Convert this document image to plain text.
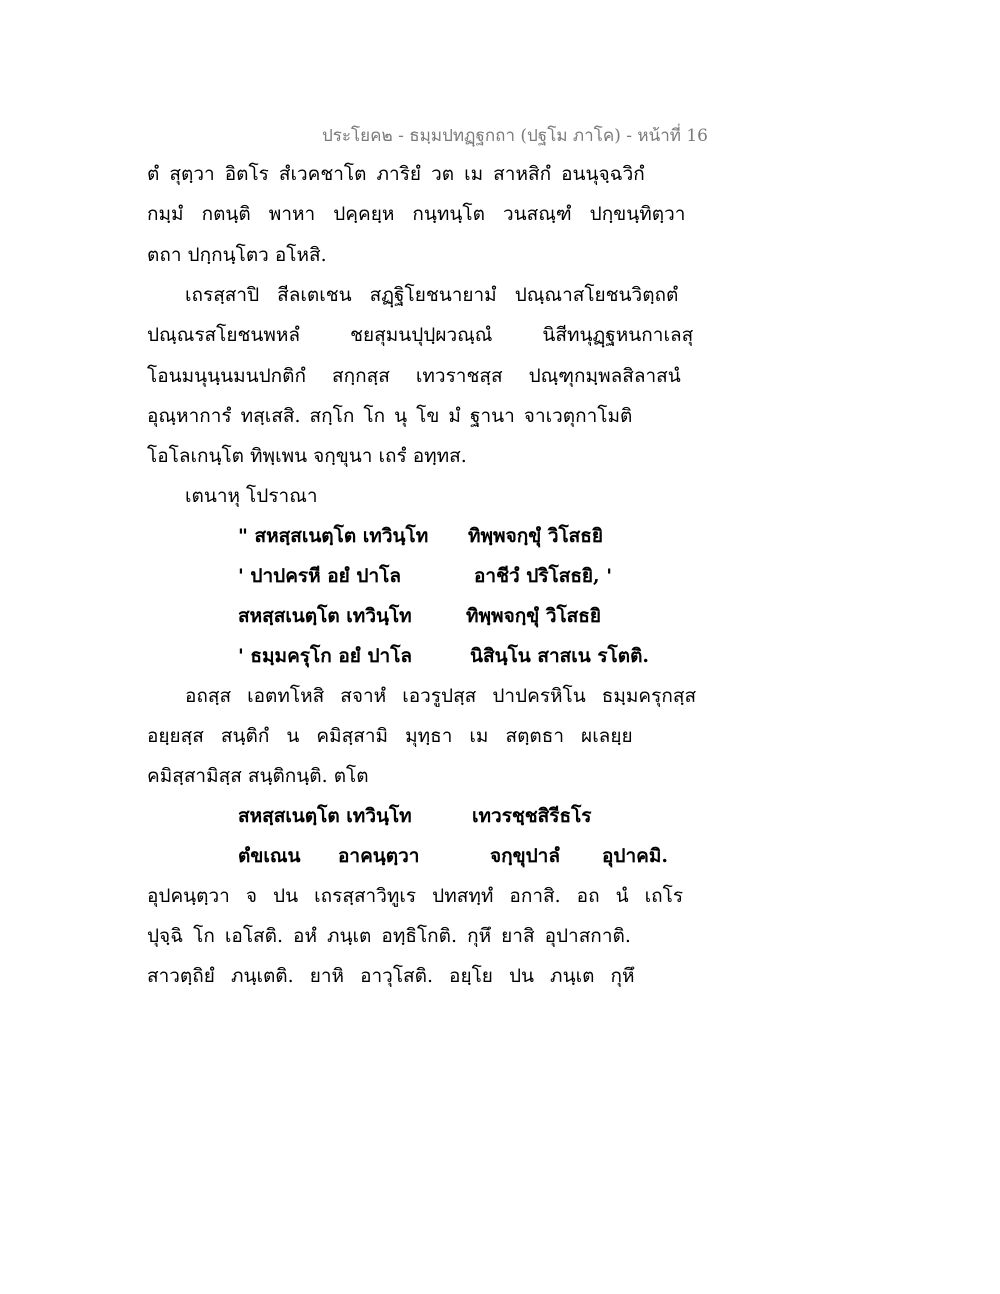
ประโยค๒ - ธมฺมปทฏฺฐกถา (ปฐโม ภาโค) - หน้าที่ 16
ตํ สุตฺวา อิตโร สํเวคชาโต ภาริยํ วต เม สาหสิกํ อนนุจฺฉวิกํ
กมฺมํ กตนฺติ พาหา ปคฺคยฺห กนฺทนฺโต วนสณฺฑํ ปกฺขนฺทิตฺวา
ตถา ปกฺกนฺโตว อโหสิ.
เถรสฺสาปิ สีลเตเชน สฏฺฐิโยชนายามํ ปณฺณาสโยชนวิตฺถตํ
ปณฺณรสโยชนพหลํ ชยสุมนปุปฺผวณฺณํ นิสีทนุฏฺฐหนกาเลสุ
โอนมนุนฺนมนปกติกํ สกฺกสฺส เทวราชสฺส ปณฺฑุกมฺพลสิลาสนํ
อุณฺหาการํ ทสฺเสสิ. สกฺโก โก นุ โข มํ ฐานา จาเวตุกาโมติ
โอโลเกนฺโต ทิพฺเพน จกฺขุนา เถรํ อทฺทส.
เตนาหุ โปราณา
" สหสฺสเนตฺโต เทวินฺโท ทิพฺพจกฺขุํ วิโสธยิ
' ปาปครหี อยํ ปาโล	อาชีวํ ปริโสธยิ, '
สหสฺสเนตฺโต เทวินฺโท	ทิพฺพจกฺขุํ วิโสธยิ
' ธมฺมครุโก อยํ ปาโล	นิสินฺโน สาสเน รโตติ.
อถสฺส เอตทโหสิ สจาหํ เอวรูปสฺส ปาปครหิโน ธมฺมครุกสฺส
อยฺยสฺส สนฺติกํ น คมิสฺสามิ มุทฺธา เม สตฺตธา ผเลยฺย
คมิสฺสามิสฺส สนฺติกนฺติ. ตโต
สหสฺสเนตฺโต เทวินฺโท	เทวรชฺชสิรีธโร
ตํขเณน อาคนฺตฺวา	จกฺขุปาลํ อุปาคมิ.
อุปคนฺตฺวา จ ปน เถรสฺสาวิทูเร ปทสทฺทํ อกาสิ. อถ นํ เถโร
ปุจฺฉิ โก เอโสติ. อหํ ภนฺเต อทฺธิโกติ. กุหึ ยาสิ อุปาสกาติ.
สาวตฺถิยํ ภนฺเตติ. ยาหิ อาวุโสติ. อยฺโย ปน ภนฺเต กุหึ
